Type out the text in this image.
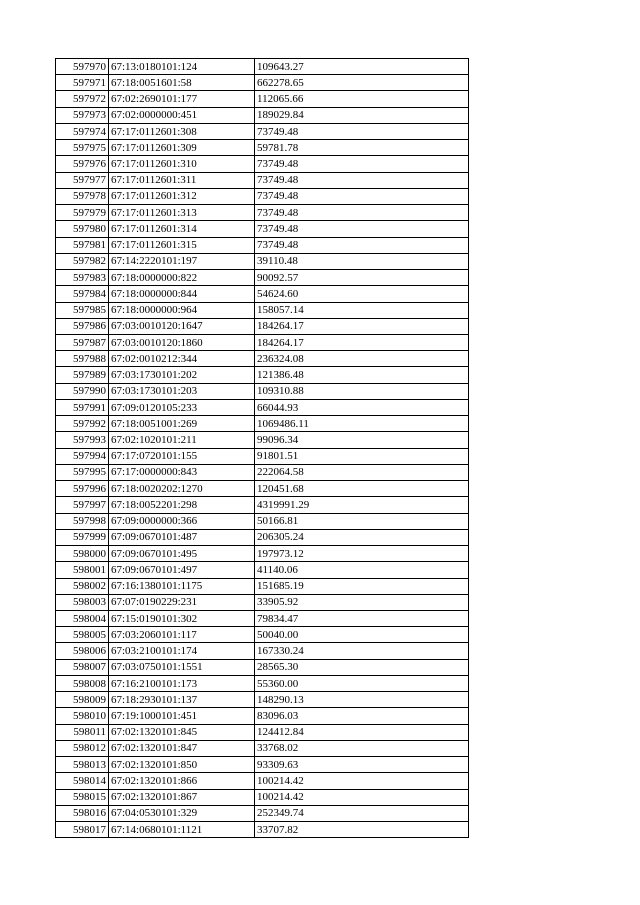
597970	67:13:0180101:124	109643.27
597971	67:18:0051601:58	662278.65
597972	67:02:2690101:177	112065.66
597973	67:02:0000000:451	189029.84
597974	67:17:0112601:308	73749.48
597975	67:17:0112601:309	59781.78
597976	67:17:0112601:310	73749.48
597977	67:17:0112601:311	73749.48
597978	67:17:0112601:312	73749.48
597979	67:17:0112601:313	73749.48
597980	67:17:0112601:314	73749.48
597981	67:17:0112601:315	73749.48
597982	67:14:2220101:197	39110.48
597983	67:18:0000000:822	90092.57
597984	67:18:0000000:844	54624.60
597985	67:18:0000000:964	158057.14
597986	67:03:0010120:1647	184264.17
597987	67:03:0010120:1860	184264.17
597988	67:02:0010212:344	236324.08
597989	67:03:1730101:202	121386.48
597990	67:03:1730101:203	109310.88
597991	67:09:0120105:233	66044.93
597992	67:18:0051001:269	1069486.11
597993	67:02:1020101:211	99096.34
597994	67:17:0720101:155	91801.51
597995	67:17:0000000:843	222064.58
597996	67:18:0020202:1270	120451.68
597997	67:18:0052201:298	4319991.29
597998	67:09:0000000:366	50166.81
597999	67:09:0670101:487	206305.24
598000	67:09:0670101:495	197973.12
598001	67:09:0670101:497	41140.06
598002	67:16:1380101:1175	151685.19
598003	67:07:0190229:231	33905.92
598004	67:15:0190101:302	79834.47
598005	67:03:2060101:117	50040.00
598006	67:03:2100101:174	167330.24
598007	67:03:0750101:1551	28565.30
598008	67:16:2100101:173	55360.00
598009	67:18:2930101:137	148290.13
598010	67:19:1000101:451	83096.03
598011	67:02:1320101:845	124412.84
598012	67:02:1320101:847	33768.02
598013	67:02:1320101:850	93309.63
598014	67:02:1320101:866	100214.42
598015	67:02:1320101:867	100214.42
598016	67:04:0530101:329	252349.74
598017	67:14:0680101:1121	33707.82
